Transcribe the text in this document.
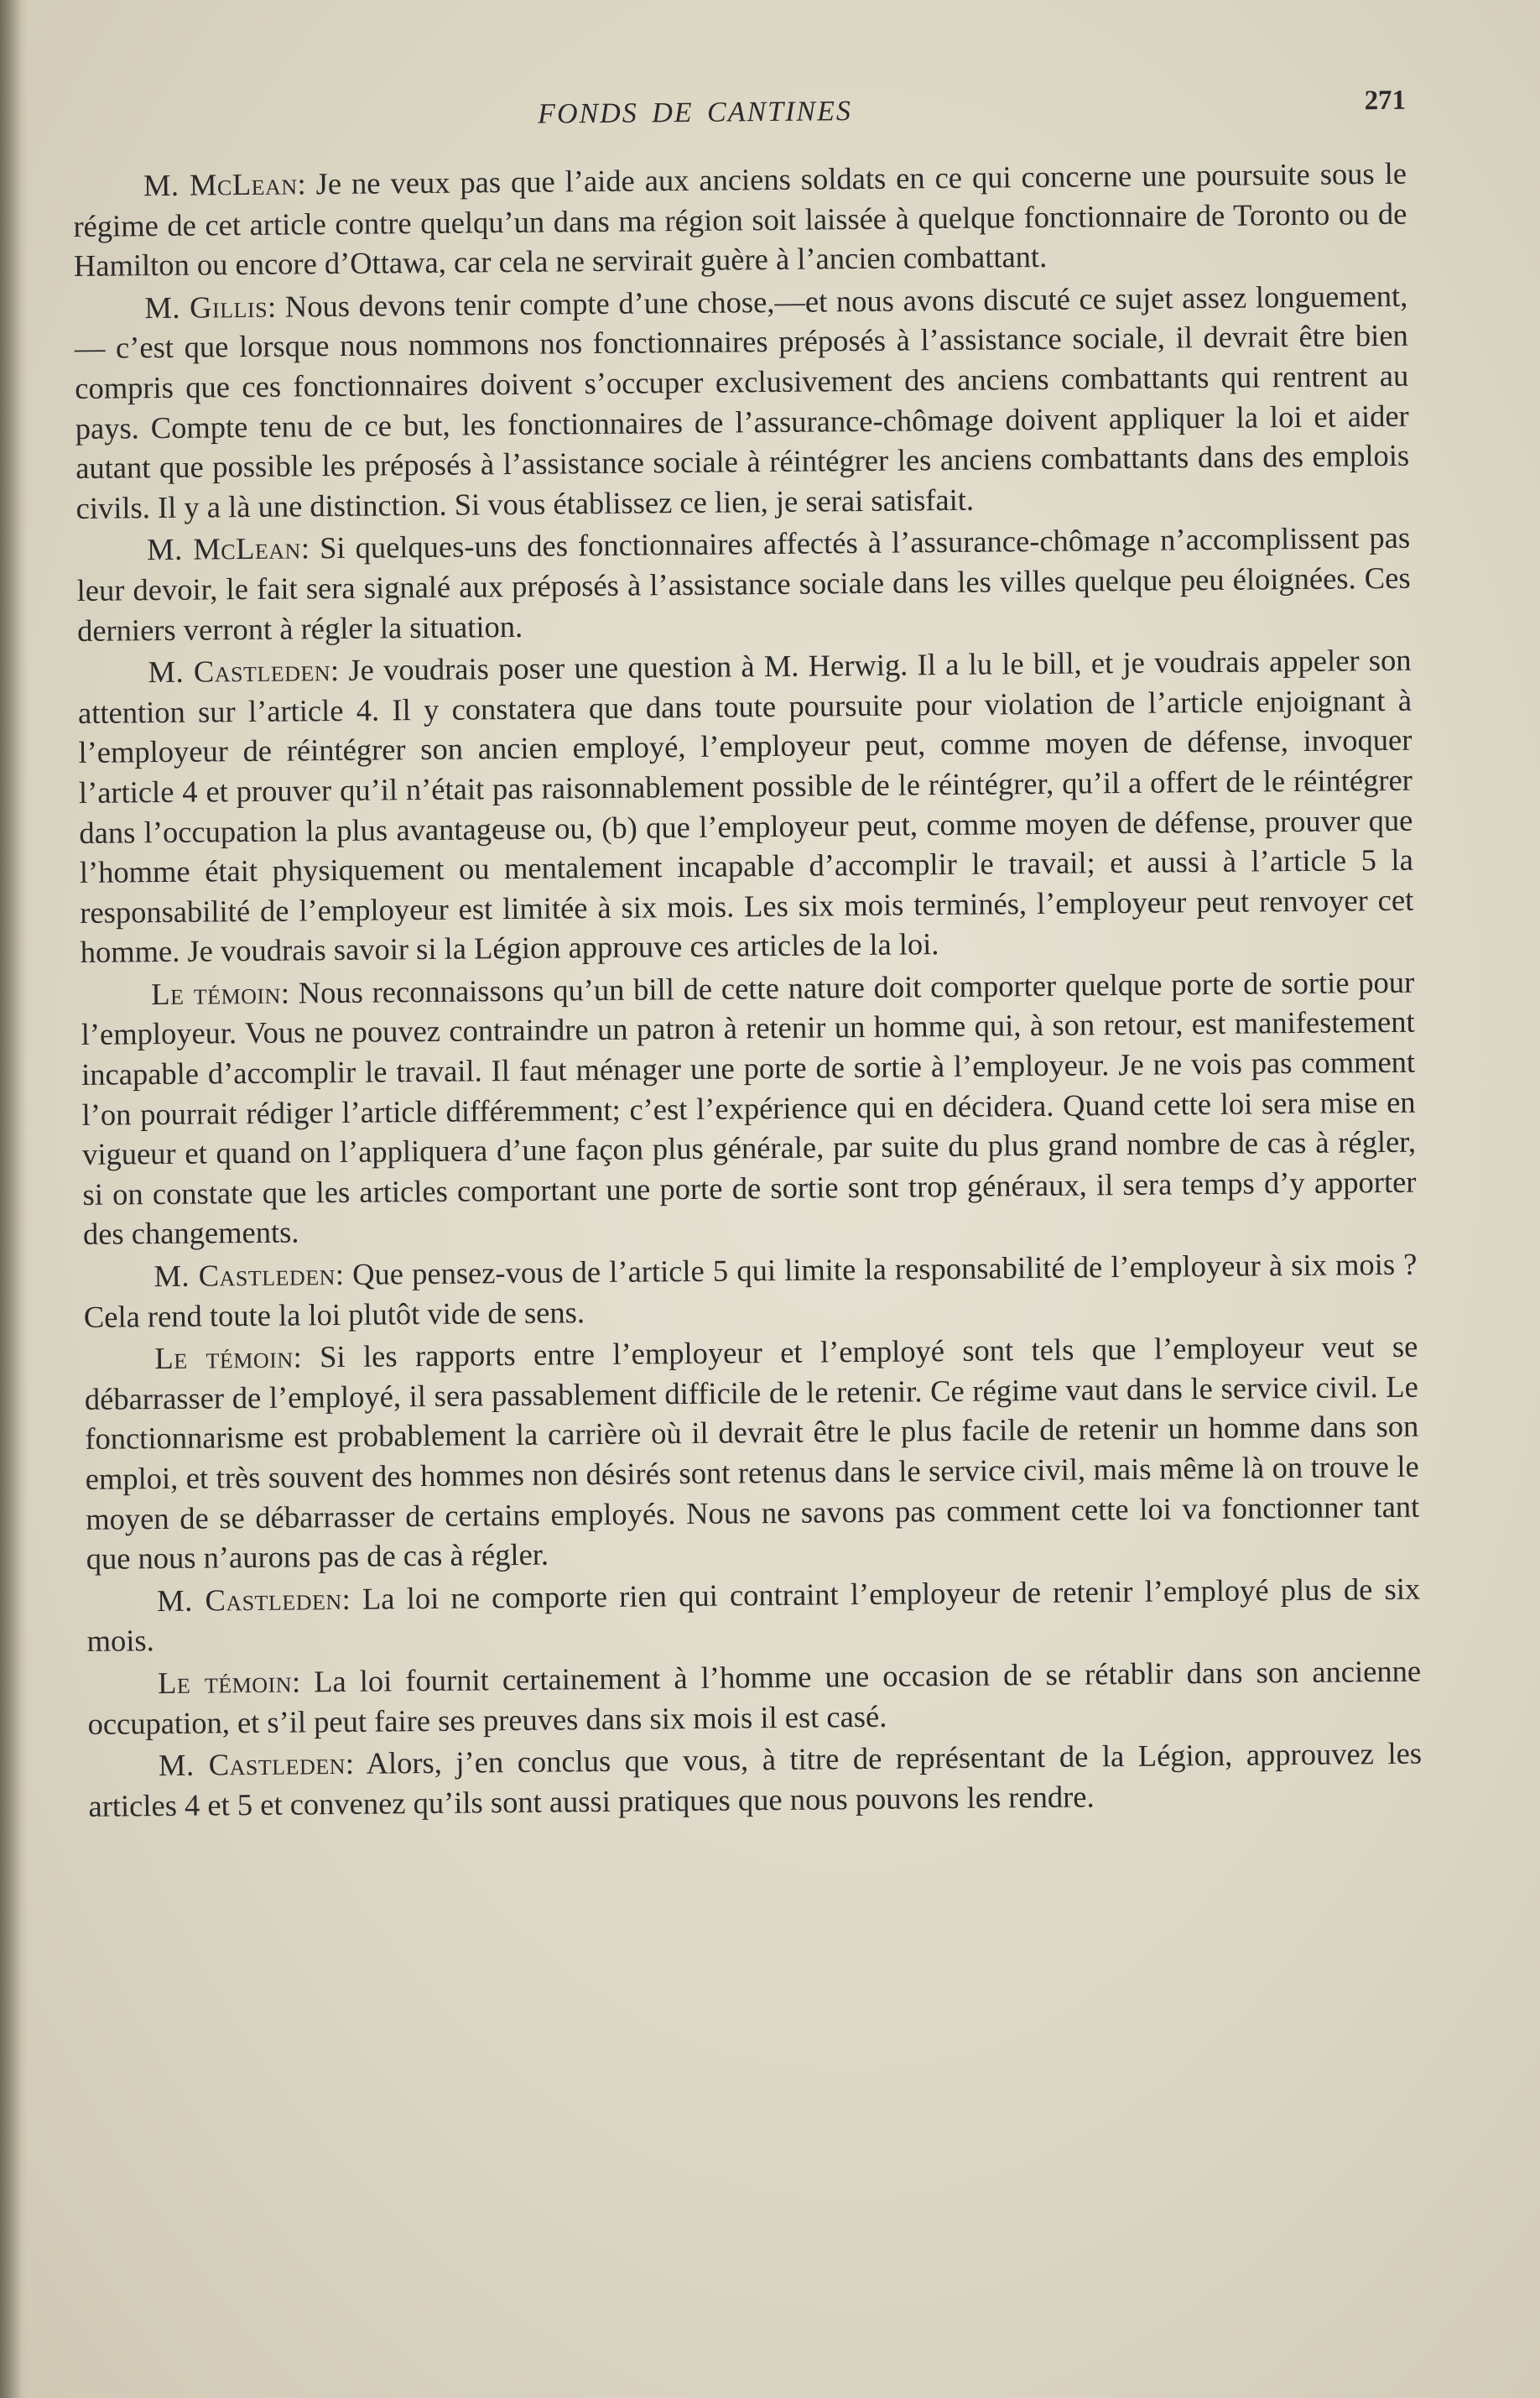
FONDS DE CANTINES	271

M. McLean: Je ne veux pas que l’aide aux anciens soldats en ce qui concerne une poursuite sous le régime de cet article contre quelqu’un dans ma région soit laissée à quelque fonctionnaire de Toronto ou de Hamilton ou encore d’Ottawa, car cela ne servirait guère à l’ancien combattant.

M. Gillis: Nous devons tenir compte d’une chose,—et nous avons discuté ce sujet assez longuement,— c’est que lorsque nous nommons nos fonctionnaires préposés à l’assistance sociale, il devrait être bien compris que ces fonctionnaires doivent s’occuper exclusivement des anciens combattants qui rentrent au pays. Compte tenu de ce but, les fonctionnaires de l’assurance-chômage doivent appliquer la loi et aider autant que possible les préposés à l’assistance sociale à réintégrer les anciens combattants dans des emplois civils. Il y a là une distinction. Si vous établissez ce lien, je serai satisfait.

M. McLean: Si quelques-uns des fonctionnaires affectés à l’assurance-chômage n’accomplissent pas leur devoir, le fait sera signalé aux préposés à l’assistance sociale dans les villes quelque peu éloignées. Ces derniers verront à régler la situation.

M. Castleden: Je voudrais poser une question à M. Herwig. Il a lu le bill, et je voudrais appeler son attention sur l’article 4. Il y constatera que dans toute poursuite pour violation de l’article enjoignant à l’employeur de réintégrer son ancien employé, l’employeur peut, comme moyen de défense, invoquer l’article 4 et prouver qu’il n’était pas raisonnablement possible de le réintégrer, qu’il a offert de le réintégrer dans l’occupation la plus avantageuse ou, (b) que l’employeur peut, comme moyen de défense, prouver que l’homme était physiquement ou mentalement incapable d’accomplir le travail; et aussi à l’article 5 la responsabilité de l’employeur est limitée à six mois. Les six mois terminés, l’employeur peut renvoyer cet homme. Je voudrais savoir si la Légion approuve ces articles de la loi.

Le témoin: Nous reconnaissons qu’un bill de cette nature doit comporter quelque porte de sortie pour l’employeur. Vous ne pouvez contraindre un patron à retenir un homme qui, à son retour, est manifestement incapable d’accomplir le travail. Il faut ménager une porte de sortie à l’employeur. Je ne vois pas comment l’on pourrait rédiger l’article différemment; c’est l’expérience qui en décidera. Quand cette loi sera mise en vigueur et quand on l’appliquera d’une façon plus générale, par suite du plus grand nombre de cas à régler, si on constate que les articles comportant une porte de sortie sont trop généraux, il sera temps d’y apporter des changements.

M. Castleden: Que pensez-vous de l’article 5 qui limite la responsabilité de l’employeur à six mois ? Cela rend toute la loi plutôt vide de sens.

Le témoin: Si les rapports entre l’employeur et l’employé sont tels que l’employeur veut se débarrasser de l’employé, il sera passablement difficile de le retenir. Ce régime vaut dans le service civil. Le fonctionnarisme est probablement la carrière où il devrait être le plus facile de retenir un homme dans son emploi, et très souvent des hommes non désirés sont retenus dans le service civil, mais même là on trouve le moyen de se débarrasser de certains employés. Nous ne savons pas comment cette loi va fonctionner tant que nous n’aurons pas de cas à régler.

M. Castleden: La loi ne comporte rien qui contraint l’employeur de retenir l’employé plus de six mois.

Le témoin: La loi fournit certainement à l’homme une occasion de se rétablir dans son ancienne occupation, et s’il peut faire ses preuves dans six mois il est casé.

M. Castleden: Alors, j’en conclus que vous, à titre de représentant de la Légion, approuvez les articles 4 et 5 et convenez qu’ils sont aussi pratiques que nous pouvons les rendre.
